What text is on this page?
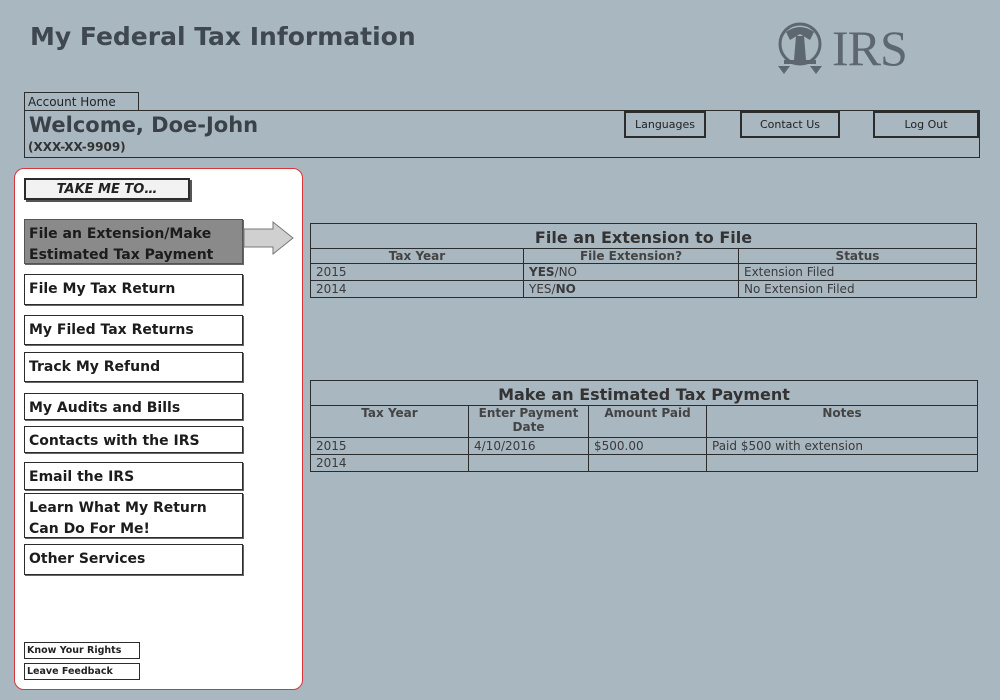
My Federal Tax Information	IRS
Account Home
Welcome, Doe-John
(XXX-XX-9909)
Languages	Contact Us	Log Out
TAKE ME TO…
File an Extension/Make Estimated Tax Payment
File My Tax Return
My Filed Tax Returns
Track My Refund
My Audits and Bills
Contacts with the IRS
Email the IRS
Learn What My Return Can Do For Me!
Other Services
Know Your Rights
Leave Feedback
File an Extension to File		
Tax Year	File Extension?	Status
2015	YES/NO	Extension Filed
2014	YES/NO	No Extension Filed
Make an Estimated Tax Payment			
Tax Year	Enter Payment Date	Amount Paid	Notes
2015	4/10/2016	$500.00	Paid $500 with extension
2014			
